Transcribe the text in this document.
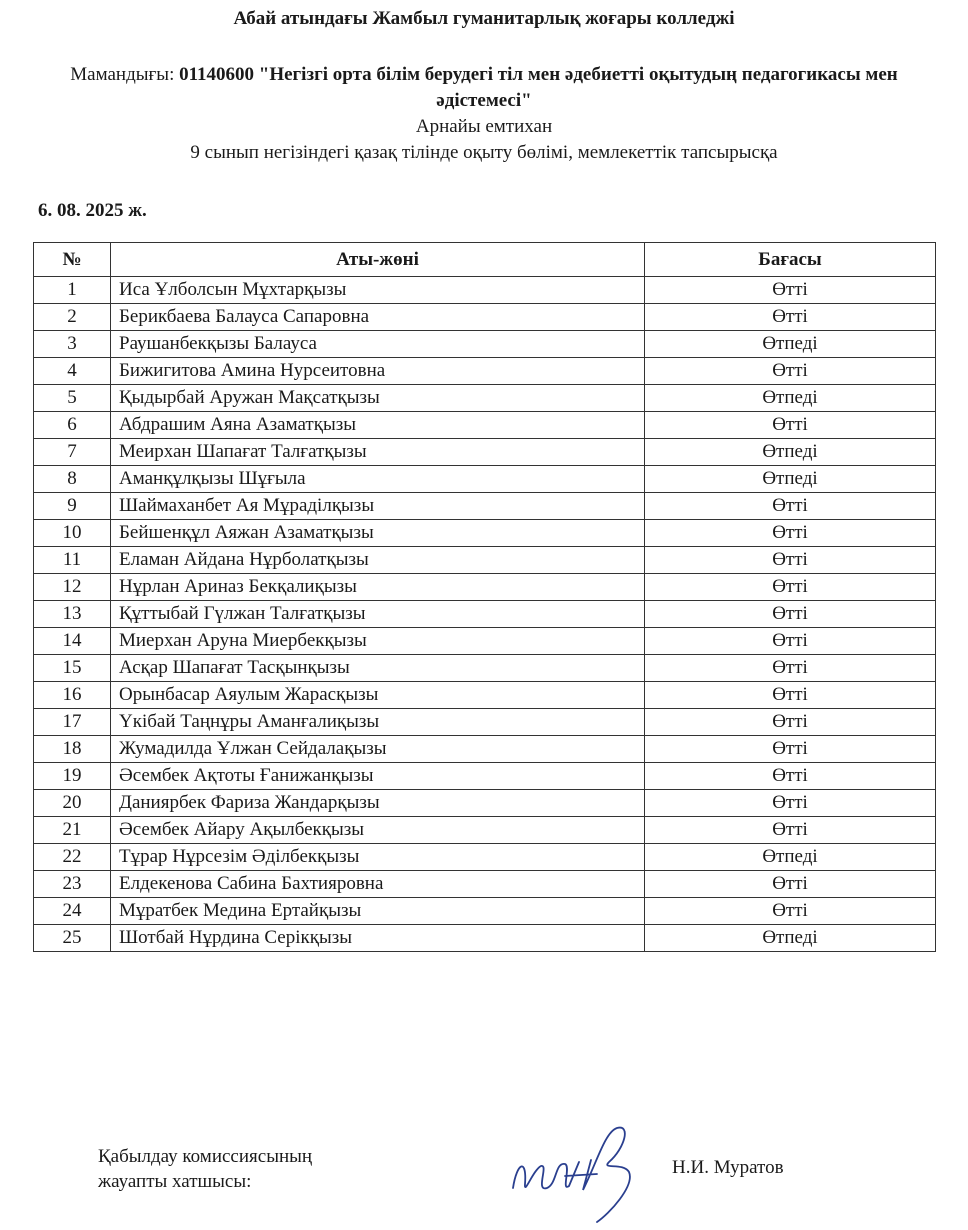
Абай атындағы Жамбыл гуманитарлық жоғары колледжі
Мамандығы: 01140600 "Негізгі орта білім берудегі тіл мен әдебиетті оқытудың педагогикасы мен әдістемесі"
Арнайы емтихан
9 сынып негізіндегі қазақ тілінде оқыту бөлімі, мемлекеттік тапсырысқа
6. 08. 2025 ж.
№	Аты-жөні	Бағасы
1	Иса Ұлболсын Мұхтарқызы	Өтті
2	Берикбаева Балауса Сапаровна	Өтті
3	Раушанбекқызы Балауса	Өтпеді
4	Бижигитова Амина Нурсеитовна	Өтті
5	Қыдырбай Аружан Мақсатқызы	Өтпеді
6	Абдрашим Аяна Азаматқызы	Өтті
7	Меирхан Шапағат Талғатқызы	Өтпеді
8	Аманқұлқызы Шұғыла	Өтпеді
9	Шаймаханбет Ая Мұраділқызы	Өтті
10	Бейшенқұл Аяжан Азаматқызы	Өтті
11	Еламан Айдана Нұрболатқызы	Өтті
12	Нұрлан Ариназ Бекқалиқызы	Өтті
13	Құттыбай Гүлжан Талғатқызы	Өтті
14	Миерхан Аруна Миербекқызы	Өтті
15	Асқар Шапағат Тасқынқызы	Өтті
16	Орынбасар Аяулым Жарасқызы	Өтті
17	Үкібай Таңнұры Аманғалиқызы	Өтті
18	Жумадилда Ұлжан Сейдалақызы	Өтті
19	Әсембек Ақтоты Ғанижанқызы	Өтті
20	Даниярбек Фариза Жандарқызы	Өтті
21	Әсембек Айару Ақылбекқызы	Өтті
22	Тұрар Нұрсезім Әділбекқызы	Өтпеді
23	Елдекенова Сабина Бахтияровна	Өтті
24	Мұратбек Медина Ертайқызы	Өтті
25	Шотбай Нұрдина Серікқызы	Өтпеді
Қабылдау комиссиясының
жауапты хатшысы:
Н.И. Муратов
